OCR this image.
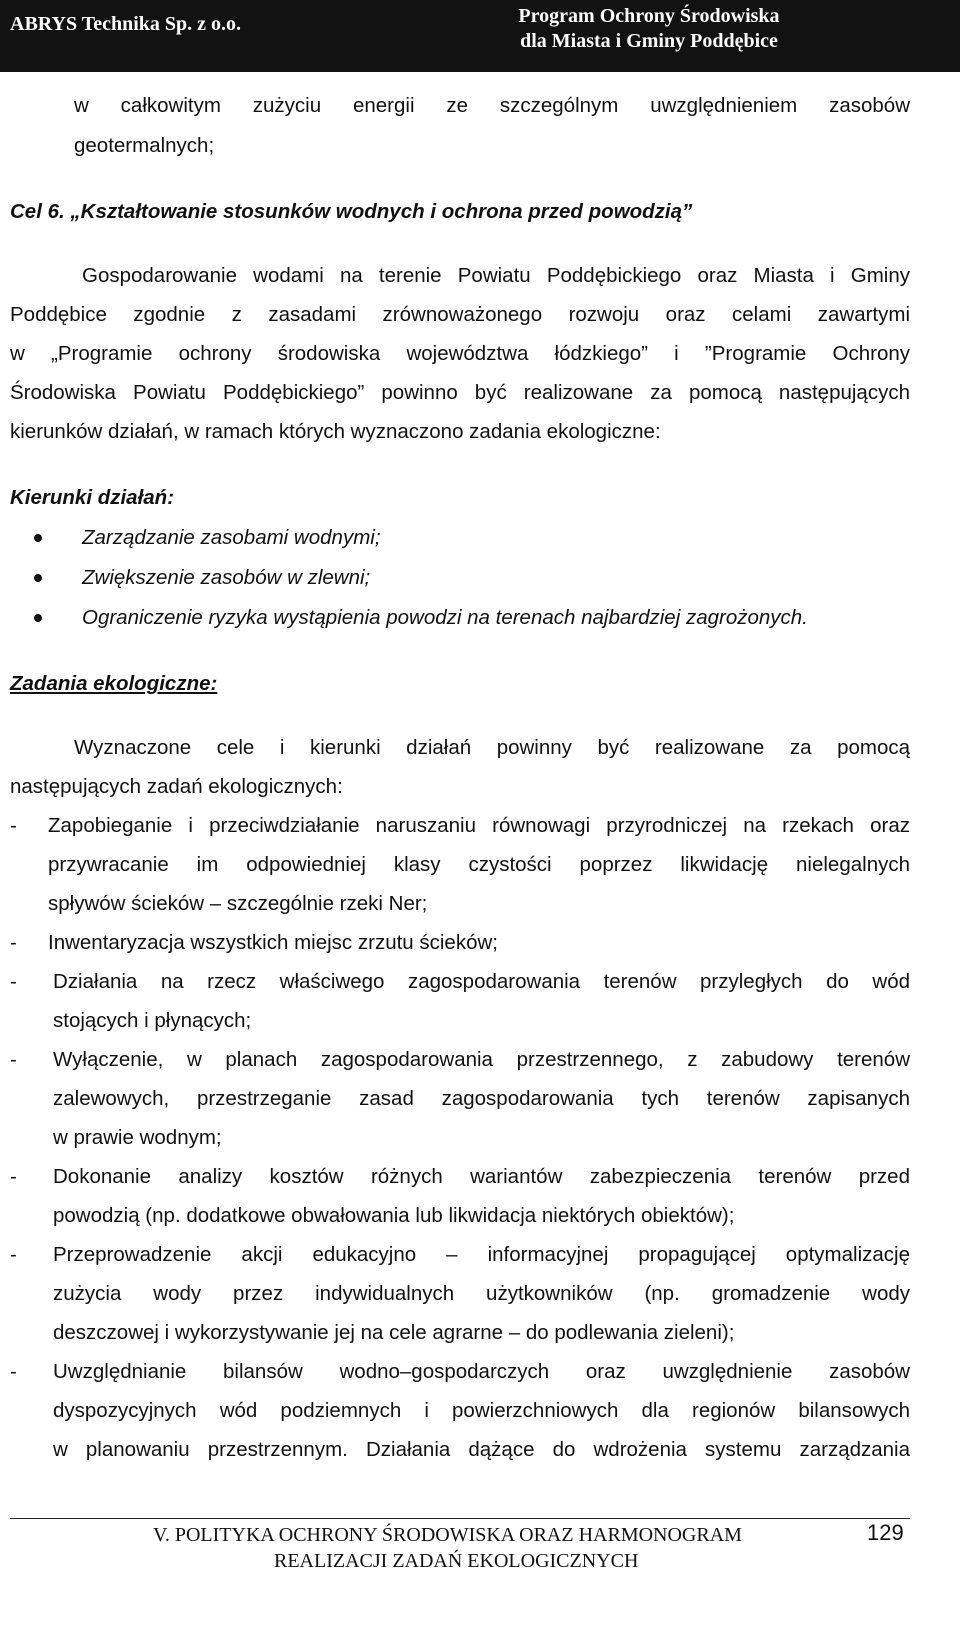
ABRYS Technika Sp. z o.o.	Program Ochrony Środowiska
dla Miasta i Gminy Poddębice
w całkowitym zużyciu energii ze szczególnym uwzględnieniem zasobów
geotermalnych;
Cel 6. „Kształtowanie stosunków wodnych i ochrona przed powodzią”
Gospodarowanie wodami na terenie Powiatu Poddębickiego oraz Miasta i Gminy
Poddębice zgodnie z zasadami zrównoważonego rozwoju oraz celami zawartymi
w „Programie ochrony środowiska województwa łódzkiego” i ”Programie Ochrony
Środowiska Powiatu Poddębickiego” powinno być realizowane za pomocą następujących
kierunków działań, w ramach których wyznaczono zadania ekologiczne:
Kierunki działań:
Zarządzanie zasobami wodnymi;
Zwiększenie zasobów w zlewni;
Ograniczenie ryzyka wystąpienia powodzi na terenach najbardziej zagrożonych.
Zadania ekologiczne:
Wyznaczone cele i kierunki działań powinny być realizowane za pomocą
następujących zadań ekologicznych:
- Zapobieganie i przeciwdziałanie naruszaniu równowagi przyrodniczej na rzekach oraz
przywracanie im odpowiedniej klasy czystości poprzez likwidację nielegalnych
spływów ścieków – szczególnie rzeki Ner;
- Inwentaryzacja wszystkich miejsc zrzutu ścieków;
- Działania na rzecz właściwego zagospodarowania terenów przyległych do wód
stojących i płynących;
- Wyłączenie, w planach zagospodarowania przestrzennego, z zabudowy terenów
zalewowych, przestrzeganie zasad zagospodarowania tych terenów zapisanych
w prawie wodnym;
- Dokonanie analizy kosztów różnych wariantów zabezpieczenia terenów przed
powodzią (np. dodatkowe obwałowania lub likwidacja niektórych obiektów);
- Przeprowadzenie akcji edukacyjno – informacyjnej propagującej optymalizację
zużycia wody przez indywidualnych użytkowników (np. gromadzenie wody
deszczowej i wykorzystywanie jej na cele agrarne – do podlewania zieleni);
- Uwzględnianie bilansów wodno–gospodarczych oraz uwzględnienie zasobów
dyspozycyjnych wód podziemnych i powierzchniowych dla regionów bilansowych
w planowaniu przestrzennym. Działania dążące do wdrożenia systemu zarządzania
V. POLITYKA OCHRONY ŚRODOWISKA ORAZ HARMONOGRAM
REALIZACJI ZADAŃ EKOLOGICZNYCH
129
